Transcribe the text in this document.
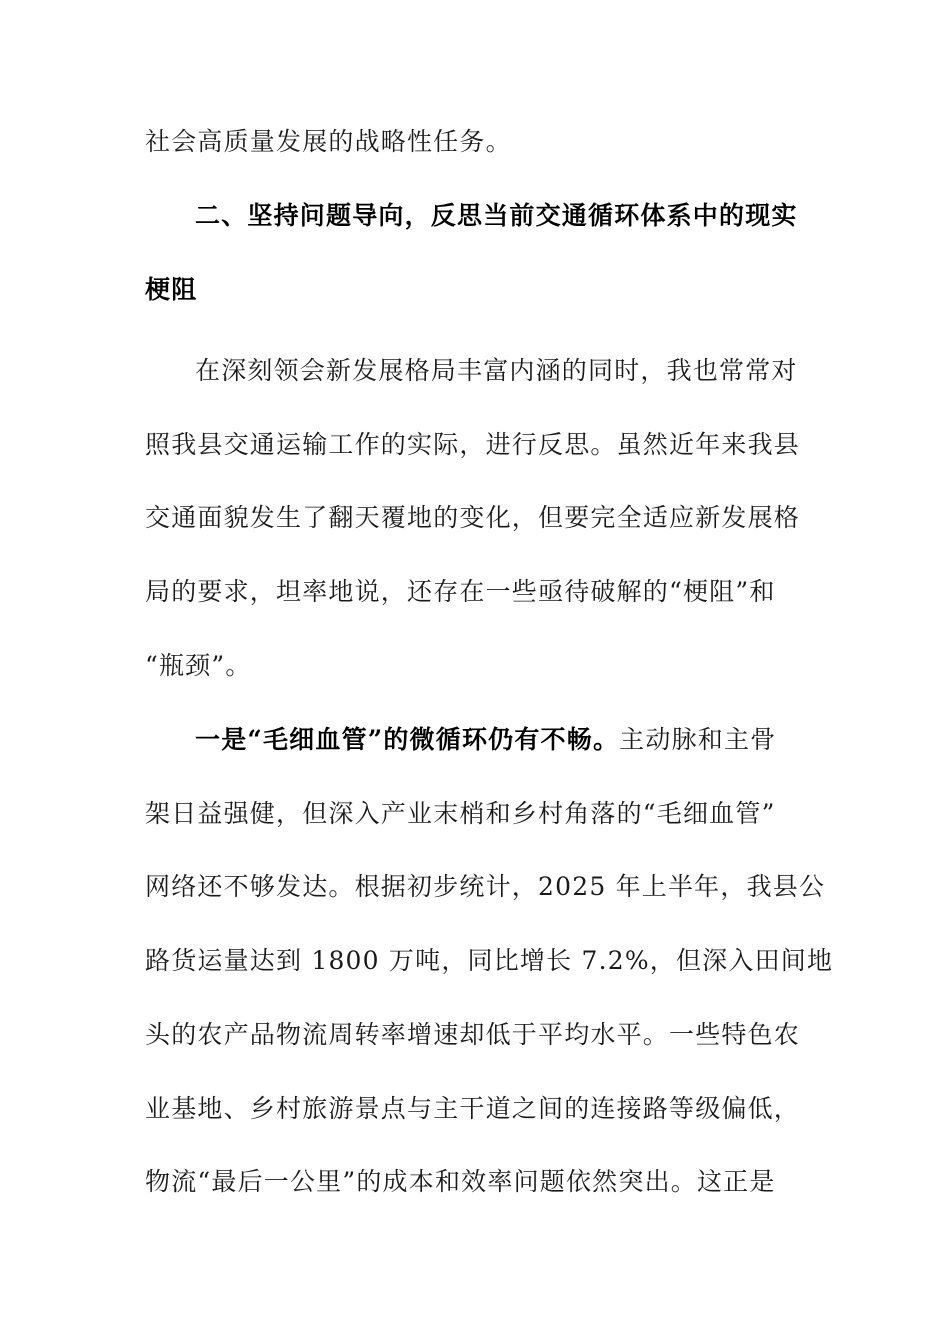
社会高质量发展的战略性任务。

二、坚持问题导向，反思当前交通循环体系中的现实

梗阻

在深刻领会新发展格局丰富内涵的同时，我也常常对
照我县交通运输工作的实际，进行反思。虽然近年来我县
交通面貌发生了翻天覆地的变化，但要完全适应新发展格
局的要求，坦率地说，还存在一些亟待破解的“梗阻”和
“瓶颈”。
一是“毛细血管”的微循环仍有不畅。主动脉和主骨
架日益强健，但深入产业末梢和乡村角落的“毛细血管”
网络还不够发达。根据初步统计，2025 年上半年，我县公
路货运量达到 1800 万吨，同比增长 7.2%，但深入田间地
头的农产品物流周转率增速却低于平均水平。一些特色农
业基地、乡村旅游景点与主干道之间的连接路等级偏低，
物流“最后一公里”的成本和效率问题依然突出。这正是
